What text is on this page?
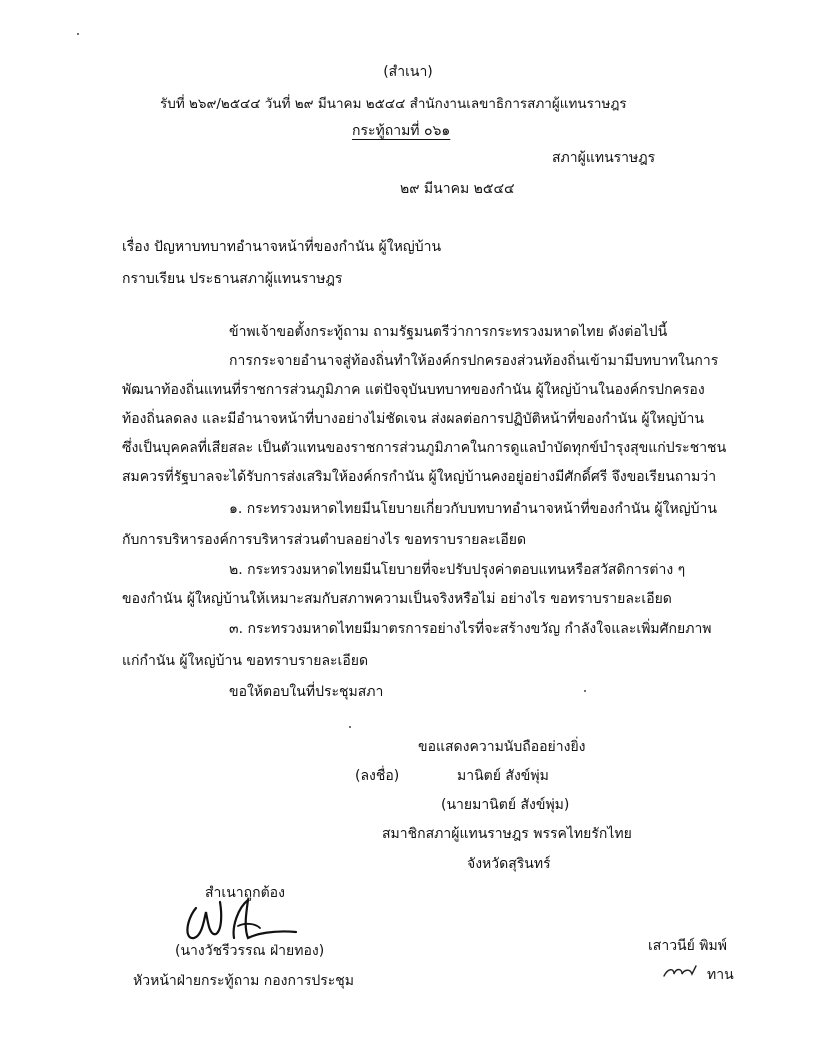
(สำเนา)
รับที่ ๒๖๙/๒๕๔๔ วันที่ ๒๙ มีนาคม ๒๕๔๔ สำนักงานเลขาธิการสภาผู้แทนราษฎร
กระทู้ถามที่ ๐๖๑
สภาผู้แทนราษฎร
๒๙ มีนาคม ๒๕๔๔
เรื่อง ปัญหาบทบาทอำนาจหน้าที่ของกำนัน ผู้ใหญ่บ้าน
กราบเรียน ประธานสภาผู้แทนราษฎร
ข้าพเจ้าขอตั้งกระทู้ถาม ถามรัฐมนตรีว่าการกระทรวงมหาดไทย ดังต่อไปนี้
การกระจายอำนาจสู่ท้องถิ่นทำให้องค์กรปกครองส่วนท้องถิ่นเข้ามามีบทบาทในการ
พัฒนาท้องถิ่นแทนที่ราชการส่วนภูมิภาค แต่ปัจจุบันบทบาทของกำนัน ผู้ใหญ่บ้านในองค์กรปกครอง
ท้องถิ่นลดลง และมีอำนาจหน้าที่บางอย่างไม่ชัดเจน ส่งผลต่อการปฏิบัติหน้าที่ของกำนัน ผู้ใหญ่บ้าน
ซึ่งเป็นบุคคลที่เสียสละ เป็นตัวแทนของราชการส่วนภูมิภาคในการดูแลบำบัดทุกข์บำรุงสุขแก่ประชาชน
สมควรที่รัฐบาลจะได้รับการส่งเสริมให้องค์กรกำนัน ผู้ใหญ่บ้านคงอยู่อย่างมีศักดิ์ศรี จึงขอเรียนถามว่า
๑. กระทรวงมหาดไทยมีนโยบายเกี่ยวกับบทบาทอำนาจหน้าที่ของกำนัน ผู้ใหญ่บ้าน
กับการบริหารองค์การบริหารส่วนตำบลอย่างไร ขอทราบรายละเอียด
๒. กระทรวงมหาดไทยมีนโยบายที่จะปรับปรุงค่าตอบแทนหรือสวัสดิการต่าง ๆ
ของกำนัน ผู้ใหญ่บ้านให้เหมาะสมกับสภาพความเป็นจริงหรือไม่ อย่างไร ขอทราบรายละเอียด
๓. กระทรวงมหาดไทยมีมาตรการอย่างไรที่จะสร้างขวัญ กำลังใจและเพิ่มศักยภาพ
แก่กำนัน ผู้ใหญ่บ้าน ขอทราบรายละเอียด
ขอให้ตอบในที่ประชุมสภา
ขอแสดงความนับถืออย่างยิ่ง
(ลงชื่อ)	มานิตย์ สังข์พุ่ม
(นายมานิตย์ สังข์พุ่ม)
สมาชิกสภาผู้แทนราษฎร พรรคไทยรักไทย
จังหวัดสุรินทร์
สำเนาถูกต้อง
(นางวัชรีวรรณ ฝ่ายทอง)
หัวหน้าฝ่ายกระทู้ถาม กองการประชุม
เสาวนีย์ พิมพ์
ทาน
